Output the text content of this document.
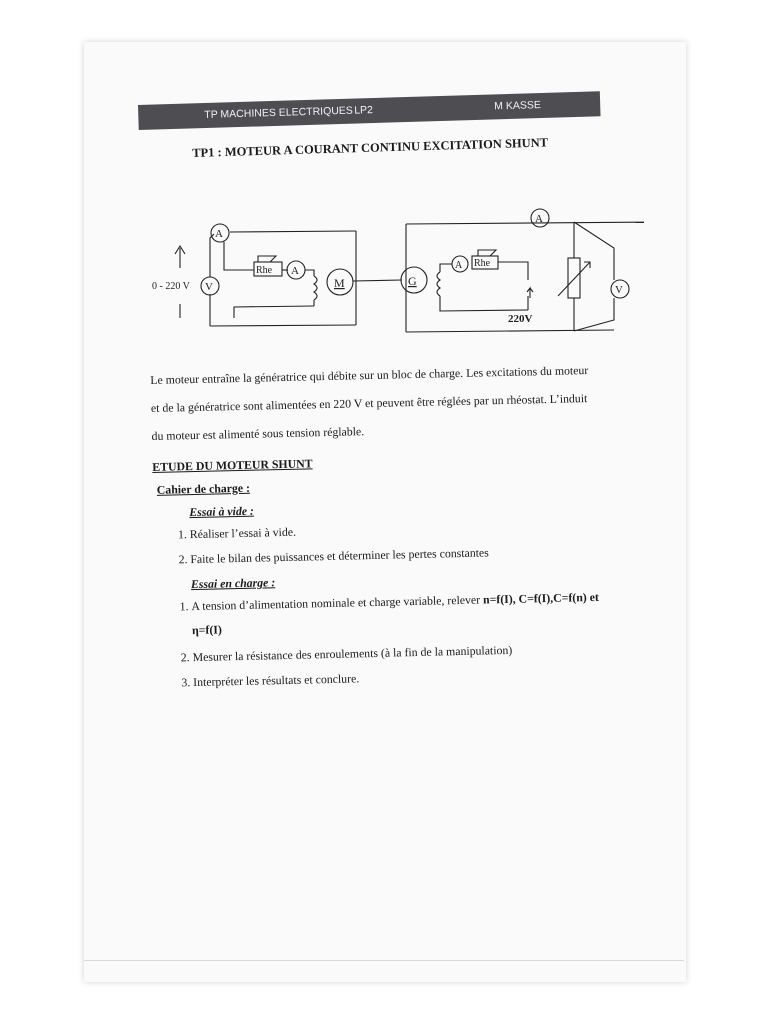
TP MACHINES ELECTRIQUES LP2	M KASSE
TP1 : MOTEUR A COURANT CONTINU EXCITATION SHUNT
0 - 220 V
A
V
Rhe A
M	G
A Rhe
220V
A
V

Le moteur entraîne la génératrice qui débite sur un bloc de charge. Les excitations du moteur
et de la génératrice sont alimentées en 220 V et peuvent être réglées par un rhéostat. L’induit
du moteur est alimenté sous tension réglable.

ETUDE DU MOTEUR SHUNT

Cahier de charge :

Essai à vide :

1. Réaliser l’essai à vide.
2. Faite le bilan des puissances et déterminer les pertes constantes

Essai en charge :

1. A tension d’alimentation nominale et charge variable, relever n=f(I), C=f(I),C=f(n) et
η=f(I)
2. Mesurer la résistance des enroulements (à la fin de la manipulation)
3. Interpréter les résultats et conclure.
